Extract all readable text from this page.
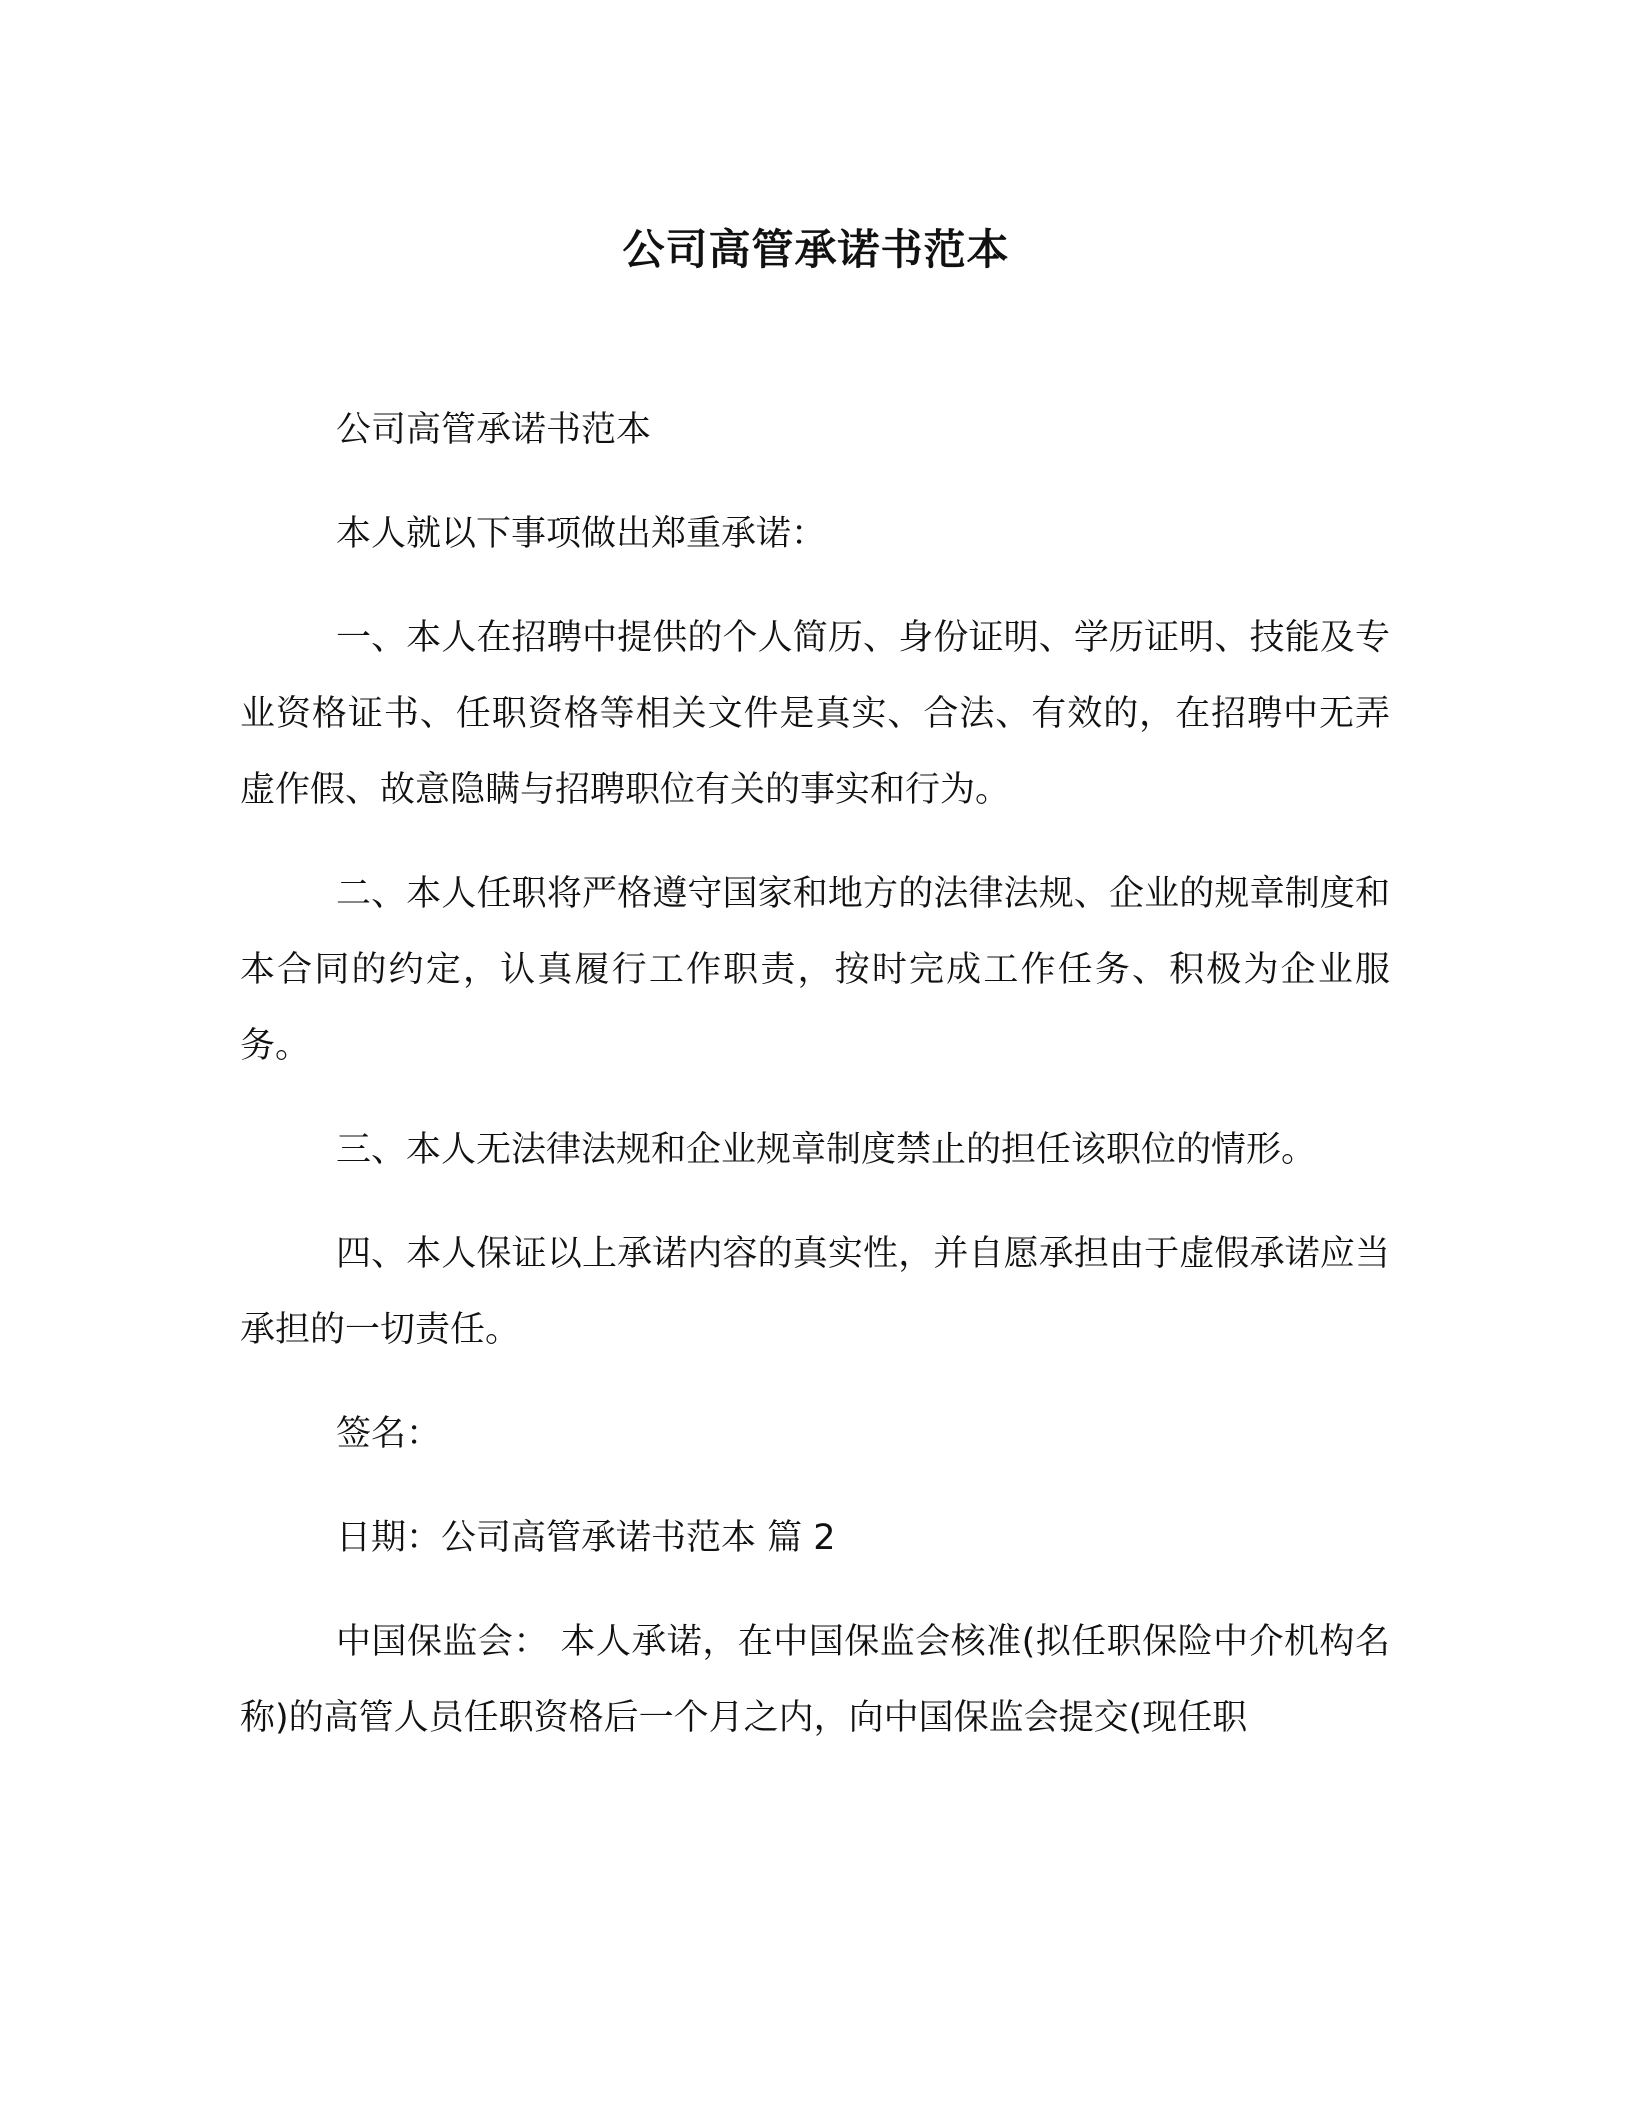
公司高管承诺书范本

公司高管承诺书范本

本人就以下事项做出郑重承诺：

一、本人在招聘中提供的个人简历、身份证明、学历证明、技能及专业资格证书、任职资格等相关文件是真实、合法、有效的，在招聘中无弄虚作假、故意隐瞒与招聘职位有关的事实和行为。

二、本人任职将严格遵守国家和地方的法律法规、企业的规章制度和本合同的约定，认真履行工作职责，按时完成工作任务、积极为企业服务。

三、本人无法律法规和企业规章制度禁止的担任该职位的情形。

四、本人保证以上承诺内容的真实性，并自愿承担由于虚假承诺应当承担的一切责任。

签名：

日期：公司高管承诺书范本 篇 2

中国保监会： 本人承诺，在中国保监会核准(拟任职保险中介机构名称)的高管人员任职资格后一个月之内，向中国保监会提交(现任职
